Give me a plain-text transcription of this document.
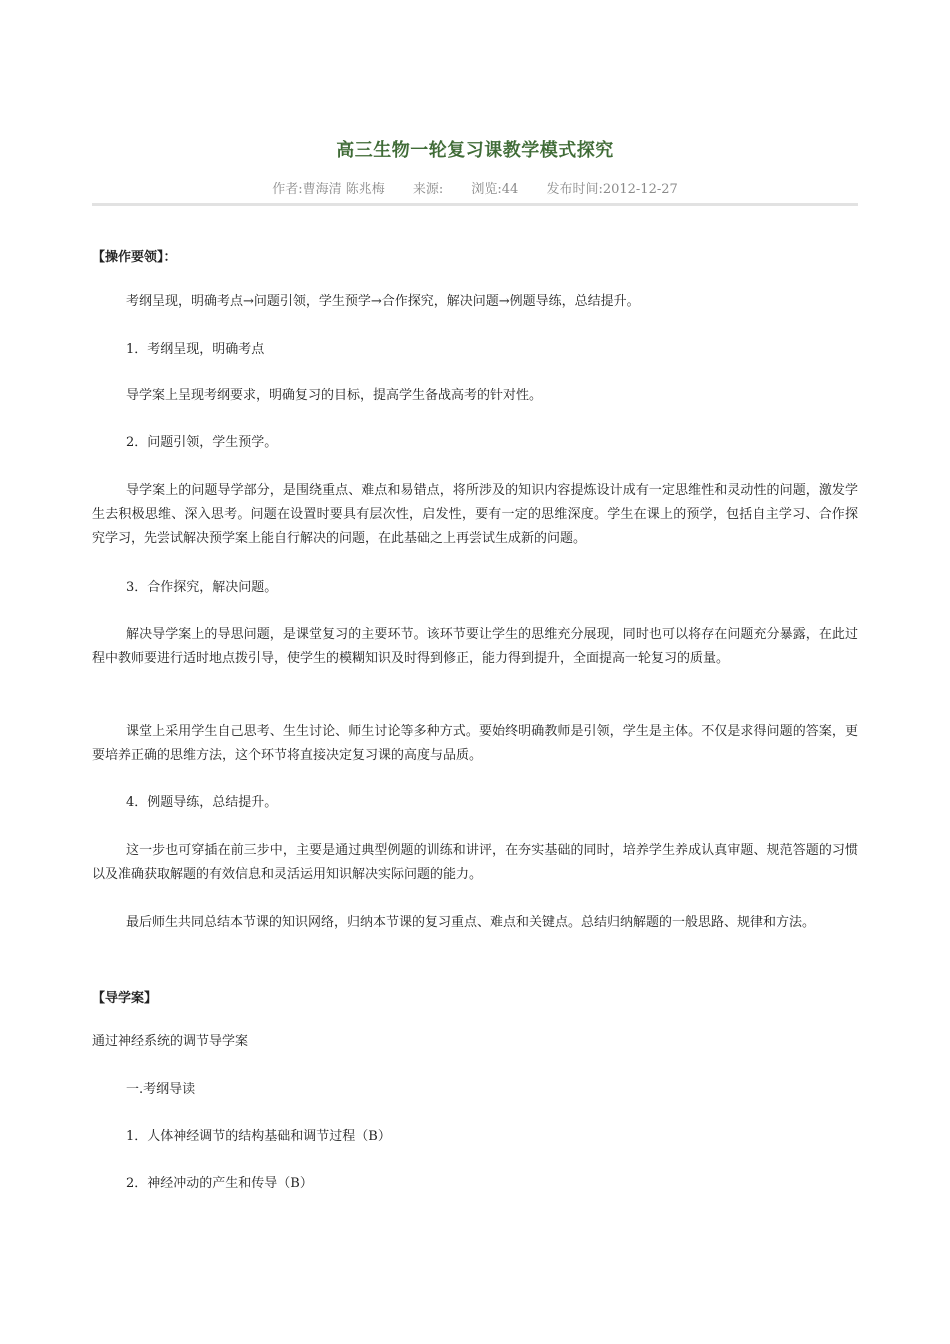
高三生物一轮复习课教学模式探究
作者:曹海清 陈兆梅 来源: 浏览:44 发布时间:2012-12-27
【操作要领】：
考纲呈现，明确考点→问题引领，学生预学→合作探究，解决问题→例题导练，总结提升。
1．考纲呈现，明确考点
导学案上呈现考纲要求，明确复习的目标，提高学生备战高考的针对性。
2．问题引领，学生预学。
导学案上的问题导学部分，是围绕重点、难点和易错点，将所涉及的知识内容提炼设计成有一定思维性和灵动性的问题，激发学生去积极思维、深入思考。问题在设置时要具有层次性，启发性，要有一定的思维深度。学生在课上的预学，包括自主学习、合作探究学习，先尝试解决预学案上能自行解决的问题，在此基础之上再尝试生成新的问题。
3．合作探究，解决问题。
解决导学案上的导思问题，是课堂复习的主要环节。该环节要让学生的思维充分展现，同时也可以将存在问题充分暴露，在此过程中教师要进行适时地点拨引导，使学生的模糊知识及时得到修正，能力得到提升，全面提高一轮复习的质量。
课堂上采用学生自己思考、生生讨论、师生讨论等多种方式。要始终明确教师是引领，学生是主体。不仅是求得问题的答案，更要培养正确的思维方法，这个环节将直接决定复习课的高度与品质。
4．例题导练，总结提升。
这一步也可穿插在前三步中，主要是通过典型例题的训练和讲评，在夯实基础的同时，培养学生养成认真审题、规范答题的习惯以及准确获取解题的有效信息和灵活运用知识解决实际问题的能力。
最后师生共同总结本节课的知识网络，归纳本节课的复习重点、难点和关键点。总结归纳解题的一般思路、规律和方法。
【导学案】
通过神经系统的调节导学案
一.考纲导读
1．人体神经调节的结构基础和调节过程（B）
2．神经冲动的产生和传导（B）
